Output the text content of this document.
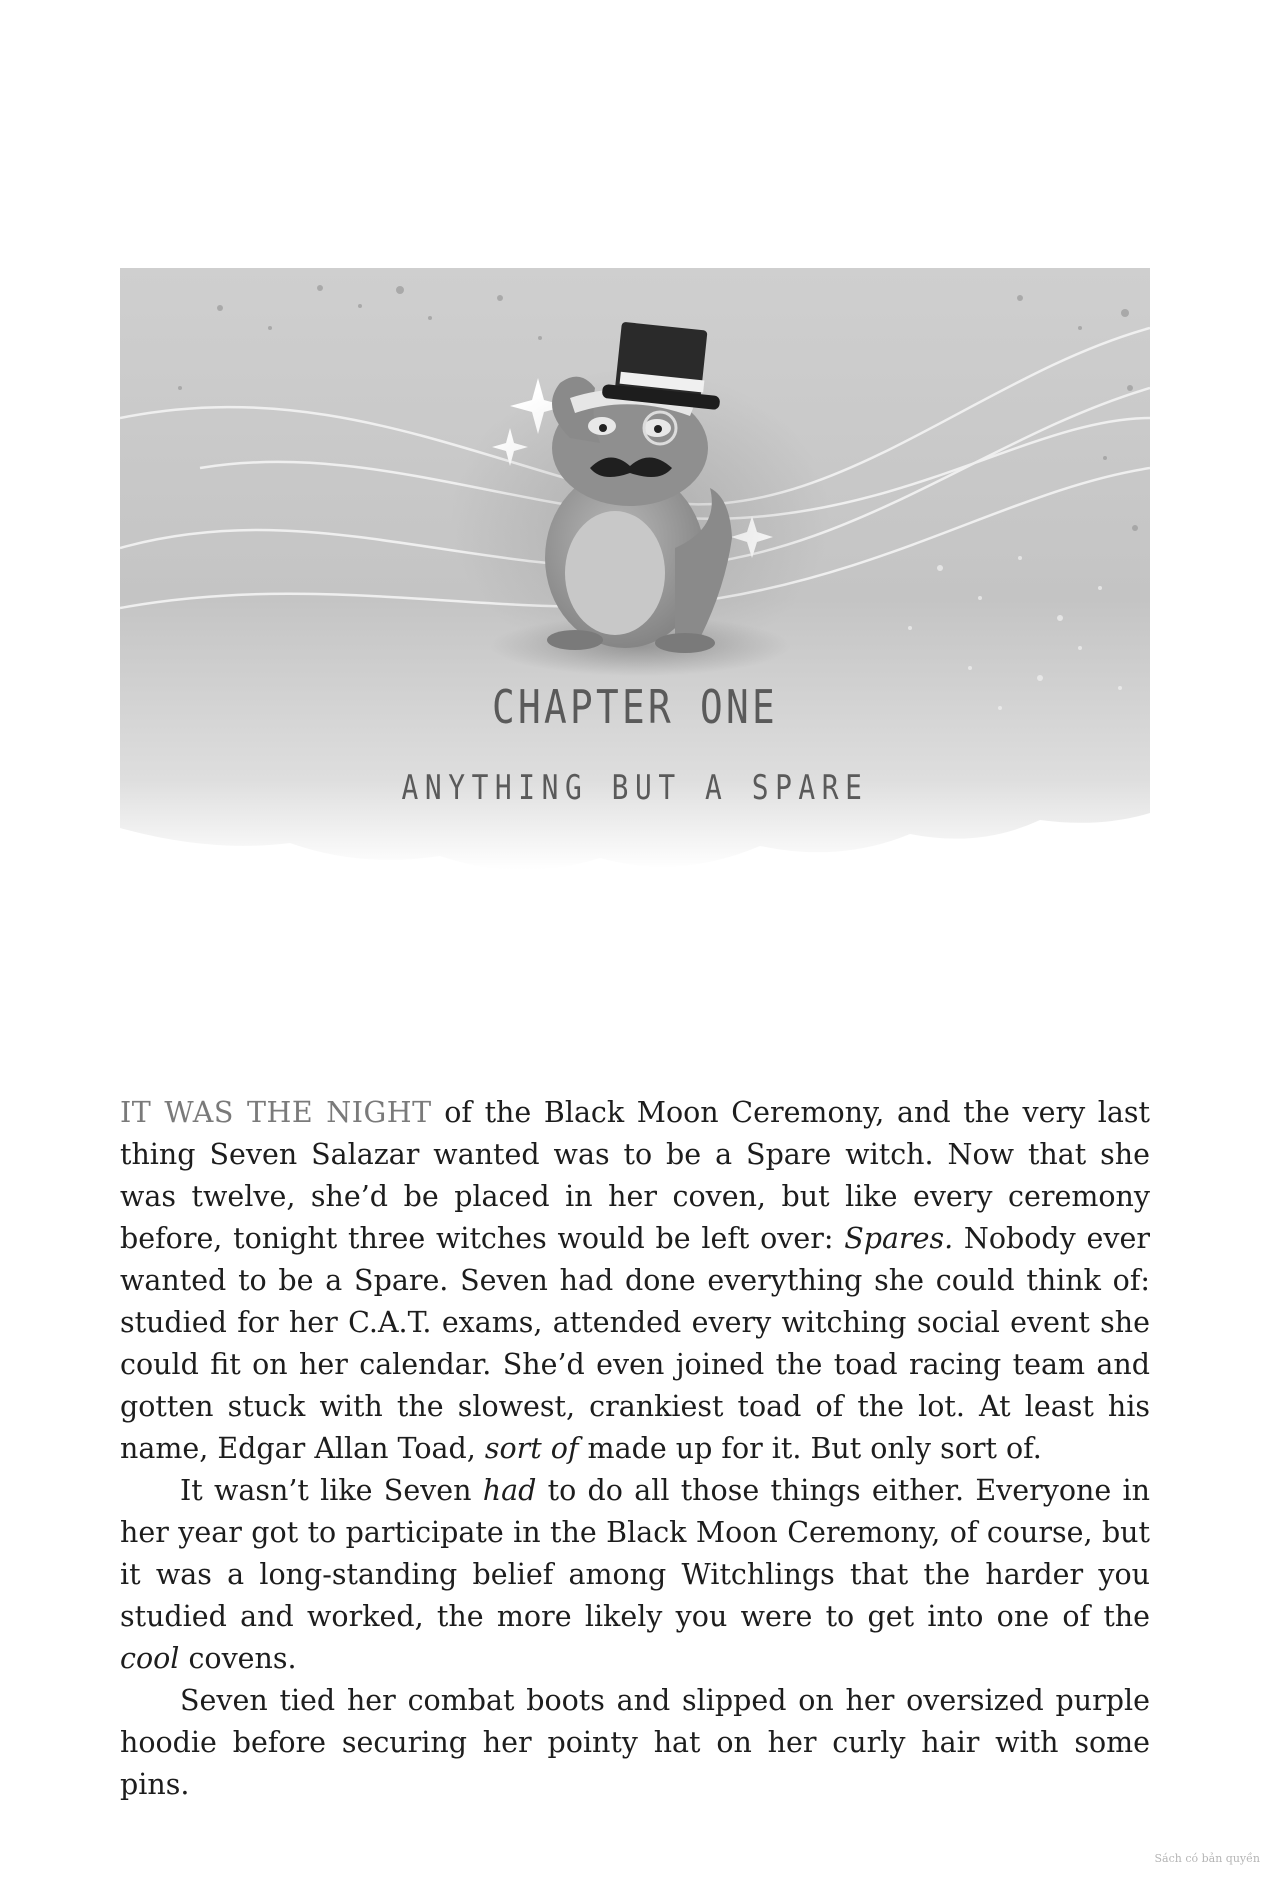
CHAPTER ONE
ANYTHING BUT A SPARE

IT WAS THE NIGHT of the Black Moon Ceremony, and the very last thing Seven Salazar wanted was to be a Spare witch. Now that she was twelve, she’d be placed in her coven, but like every ceremony before, tonight three witches would be left over: Spares. Nobody ever wanted to be a Spare. Seven had done everything she could think of: studied for her C.A.T. exams, attended every witching social event she could fit on her calendar. She’d even joined the toad racing team and gotten stuck with the slowest, crankiest toad of the lot. At least his name, Edgar Allan Toad, sort of made up for it. But only sort of.

It wasn’t like Seven had to do all those things either. Everyone in her year got to participate in the Black Moon Ceremony, of course, but it was a long-standing belief among Witchlings that the harder you studied and worked, the more likely you were to get into one of the cool covens.

Seven tied her combat boots and slipped on her oversized purple hoodie before securing her pointy hat on her curly hair with some pins.

Sách có bản quyền
